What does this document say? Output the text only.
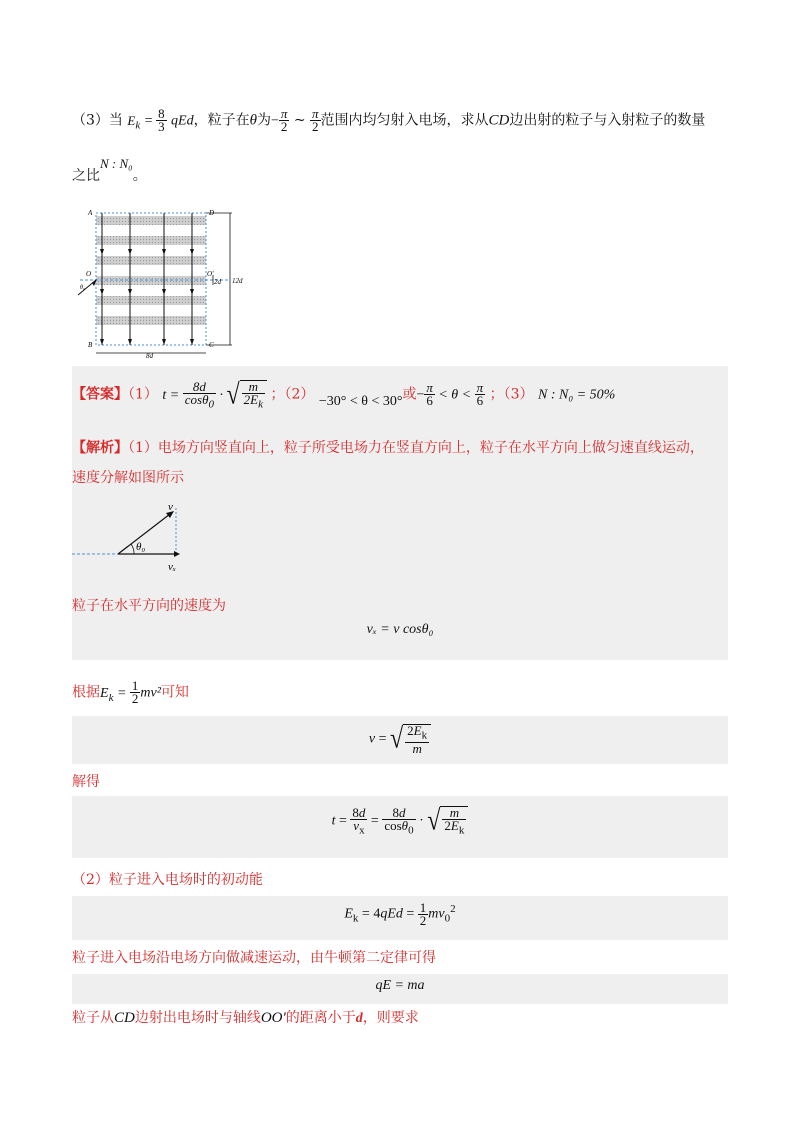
（3）当 $E_k = \frac{8}{3}$ qEd，粒子在θ为− $\frac{\pi}{2}$ ~ $\frac{\pi}{2}$ 范围内均匀射入电场，求从CD边出射的粒子与入射粒子的数量
之比N : N₀。
A	D
B	C
O	O′
θ₀
2d 12d
8d
【答案】（1） $t = \frac{8d}{\cos\theta_0}$ · √ $\frac{m}{2E_k}$ ；（2） −30° < θ < 30°或− $\frac{\pi}{6} < \theta < \frac{\pi}{6}$ ；（3） N : N₀ = 50%
【解析】（1）电场方向竖直向上，粒子所受电场力在竖直方向上，粒子在水平方向上做匀速直线运动，
速度分解如图所示
θ₀
v
vₓ
粒子在水平方向的速度为
vₓ = v cosθ₀
根据$E_k = \frac{1}{2} mv^2$可知
v = √ $\frac{2E_k}{m}$
解得
$t = \frac{8d}{v_x} = \frac{8d}{\cos\theta_0}$ · √ $\frac{m}{2E_k}$
（2）粒子进入电场时的初动能
$E_k = 4qEd = \frac{1}{2} mv_0^2$
粒子进入电场沿电场方向做减速运动，由牛顿第二定律可得
qE = ma
粒子从CD边射出电场时与轴线OO′的距离小于d，则要求
